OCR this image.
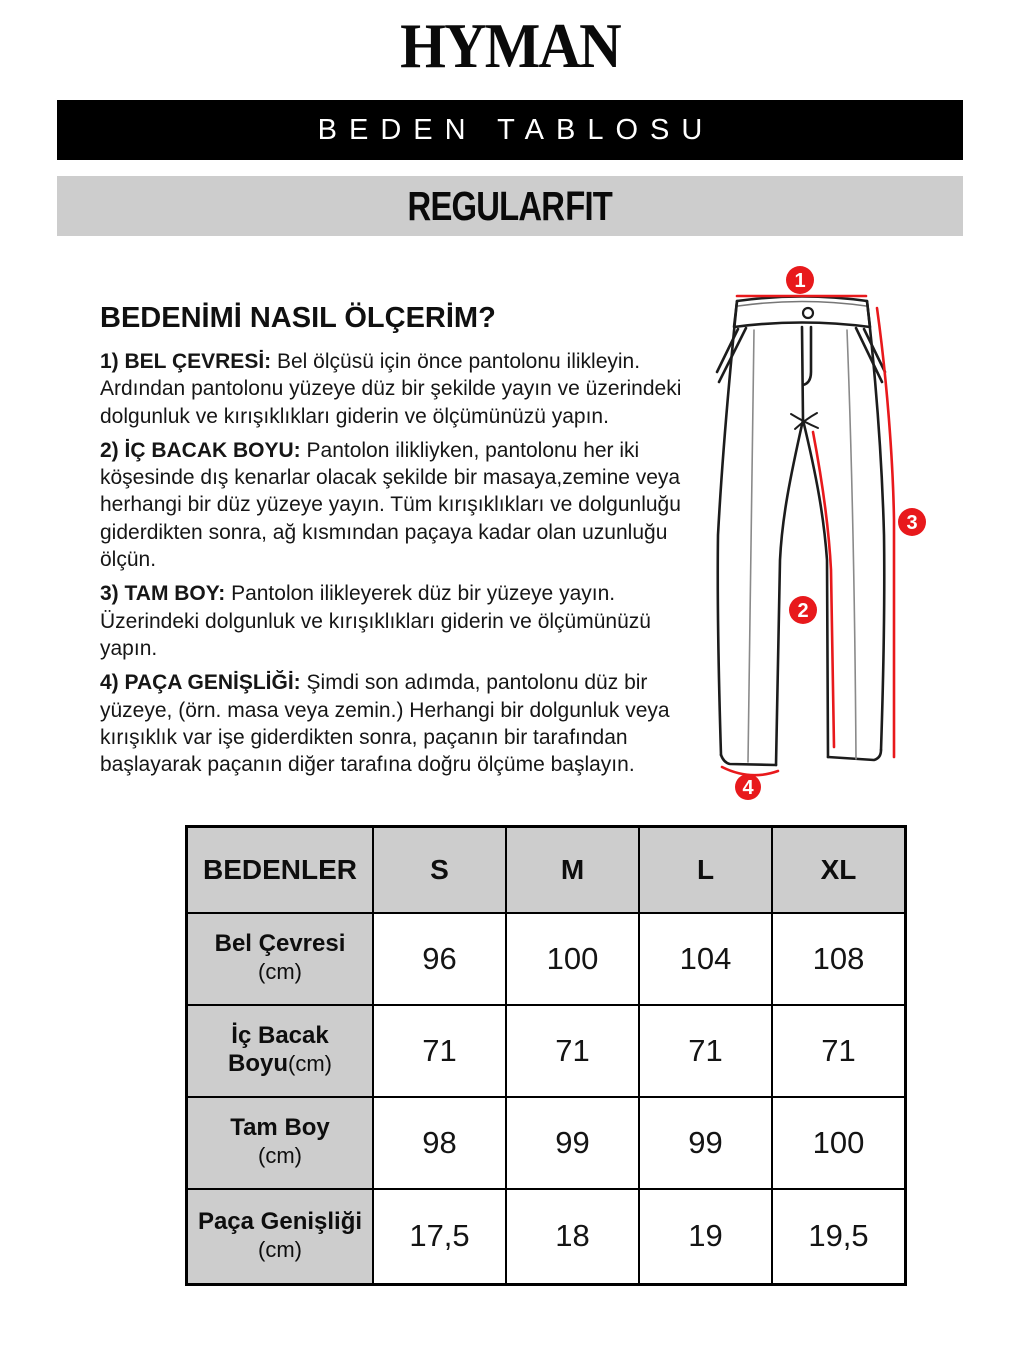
HYMAN
BEDEN TABLOSU
REGULAR FIT
BEDENİMİ NASIL ÖLÇERİM?

1) BEL ÇEVRESİ: Bel ölçüsü için önce pantolonu ilikleyin. Ardından pantolonu yüzeye düz bir şekilde yayın ve üzerindeki dolgunluk ve kırışıklıkları giderin ve ölçümünüzü yapın.

2) İÇ BACAK BOYU: Pantolon ilikliyken, pantolonu her iki köşesinde dış kenarlar olacak şekilde bir masaya,zemine veya herhangi bir düz yüzeye yayın. Tüm kırışıklıkları ve dolgunluğu giderdikten sonra, ağ kısmından paçaya kadar olan uzunluğu ölçün.

3) TAM BOY: Pantolon ilikleyerek düz bir yüzeye yayın. Üzerindeki dolgunluk ve kırışıklıkları giderin ve ölçümünüzü yapın.

4) PAÇA GENİŞLİĞİ: Şimdi son adımda, pantolonu düz bir yüzeye, (örn. masa veya zemin.) Herhangi bir dolgunluk veya kırışıklık var işe giderdikten sonra, paçanın bir tarafından başlayarak paçanın diğer tarafına doğru ölçüme başlayın.

1
2
3
4
BEDENLER	S	M	L	XL

Bel Çevresi
(cm)	96	100	104	108

İç Bacak
Boyu(cm)	71	71	71	71

Tam Boy
(cm)	98	99	99	100

Paça Genişliği
(cm)	17,5	18	19	19,5
